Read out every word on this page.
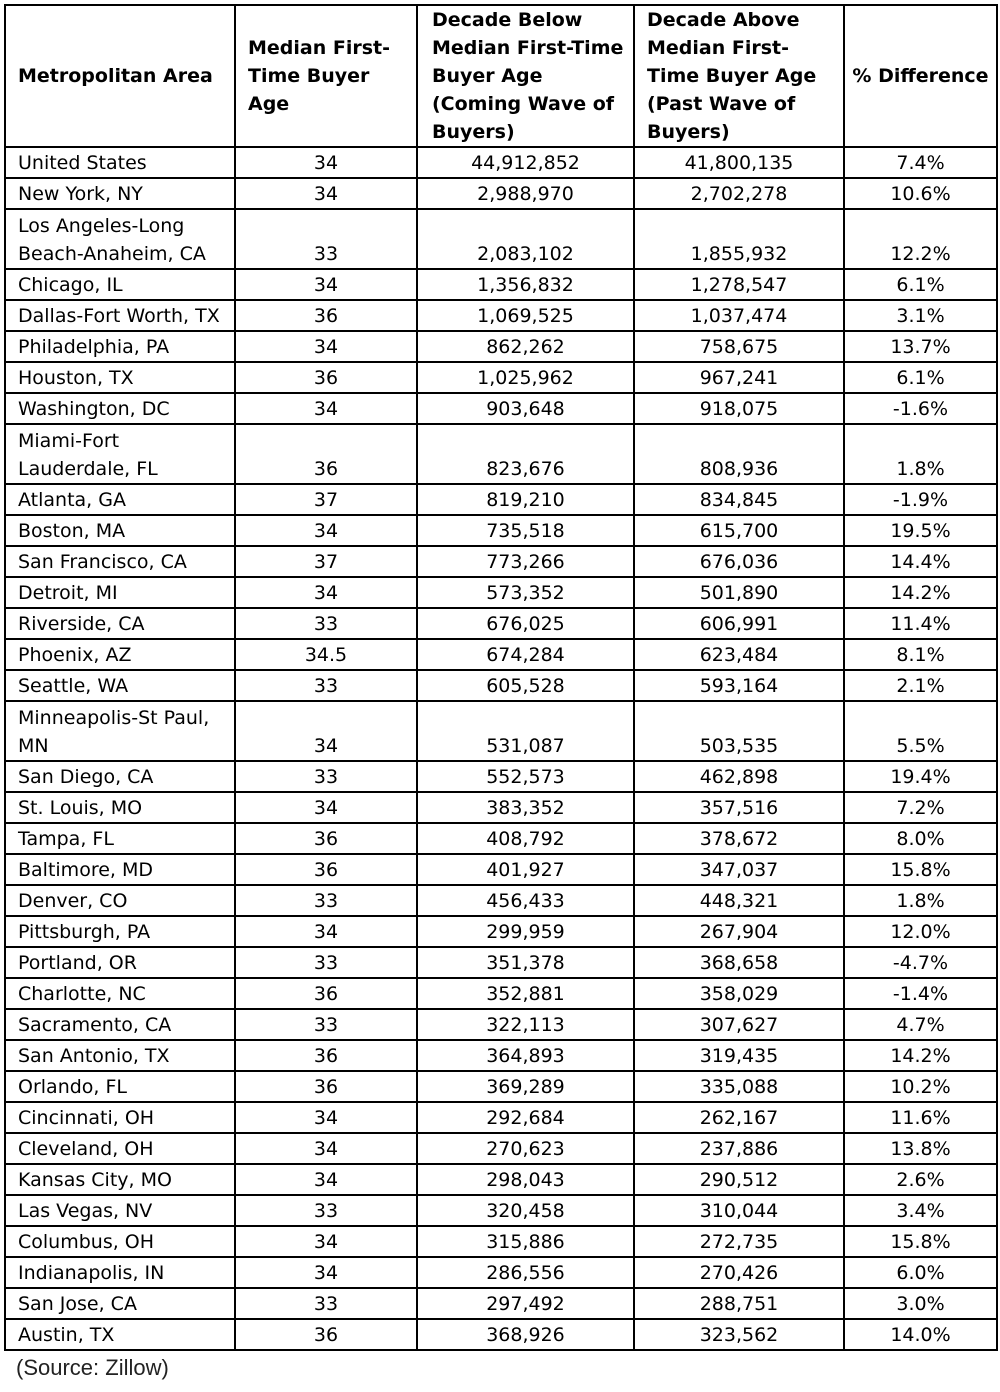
Metropolitan Area	Median First-Time Buyer Age	Decade Below Median First-Time Buyer Age (Coming Wave of Buyers)	Decade Above Median First-Time Buyer Age (Past Wave of Buyers)	% Difference
United States	34	44,912,852	41,800,135	7.4%
New York, NY	34	2,988,970	2,702,278	10.6%
Los Angeles-Long Beach-Anaheim, CA	33	2,083,102	1,855,932	12.2%
Chicago, IL	34	1,356,832	1,278,547	6.1%
Dallas-Fort Worth, TX	36	1,069,525	1,037,474	3.1%
Philadelphia, PA	34	862,262	758,675	13.7%
Houston, TX	36	1,025,962	967,241	6.1%
Washington, DC	34	903,648	918,075	-1.6%
Miami-Fort Lauderdale, FL	36	823,676	808,936	1.8%
Atlanta, GA	37	819,210	834,845	-1.9%
Boston, MA	34	735,518	615,700	19.5%
San Francisco, CA	37	773,266	676,036	14.4%
Detroit, MI	34	573,352	501,890	14.2%
Riverside, CA	33	676,025	606,991	11.4%
Phoenix, AZ	34.5	674,284	623,484	8.1%
Seattle, WA	33	605,528	593,164	2.1%
Minneapolis-St Paul, MN	34	531,087	503,535	5.5%
San Diego, CA	33	552,573	462,898	19.4%
St. Louis, MO	34	383,352	357,516	7.2%
Tampa, FL	36	408,792	378,672	8.0%
Baltimore, MD	36	401,927	347,037	15.8%
Denver, CO	33	456,433	448,321	1.8%
Pittsburgh, PA	34	299,959	267,904	12.0%
Portland, OR	33	351,378	368,658	-4.7%
Charlotte, NC	36	352,881	358,029	-1.4%
Sacramento, CA	33	322,113	307,627	4.7%
San Antonio, TX	36	364,893	319,435	14.2%
Orlando, FL	36	369,289	335,088	10.2%
Cincinnati, OH	34	292,684	262,167	11.6%
Cleveland, OH	34	270,623	237,886	13.8%
Kansas City, MO	34	298,043	290,512	2.6%
Las Vegas, NV	33	320,458	310,044	3.4%
Columbus, OH	34	315,886	272,735	15.8%
Indianapolis, IN	34	286,556	270,426	6.0%
San Jose, CA	33	297,492	288,751	3.0%
Austin, TX	36	368,926	323,562	14.0%
(Source: Zillow)
